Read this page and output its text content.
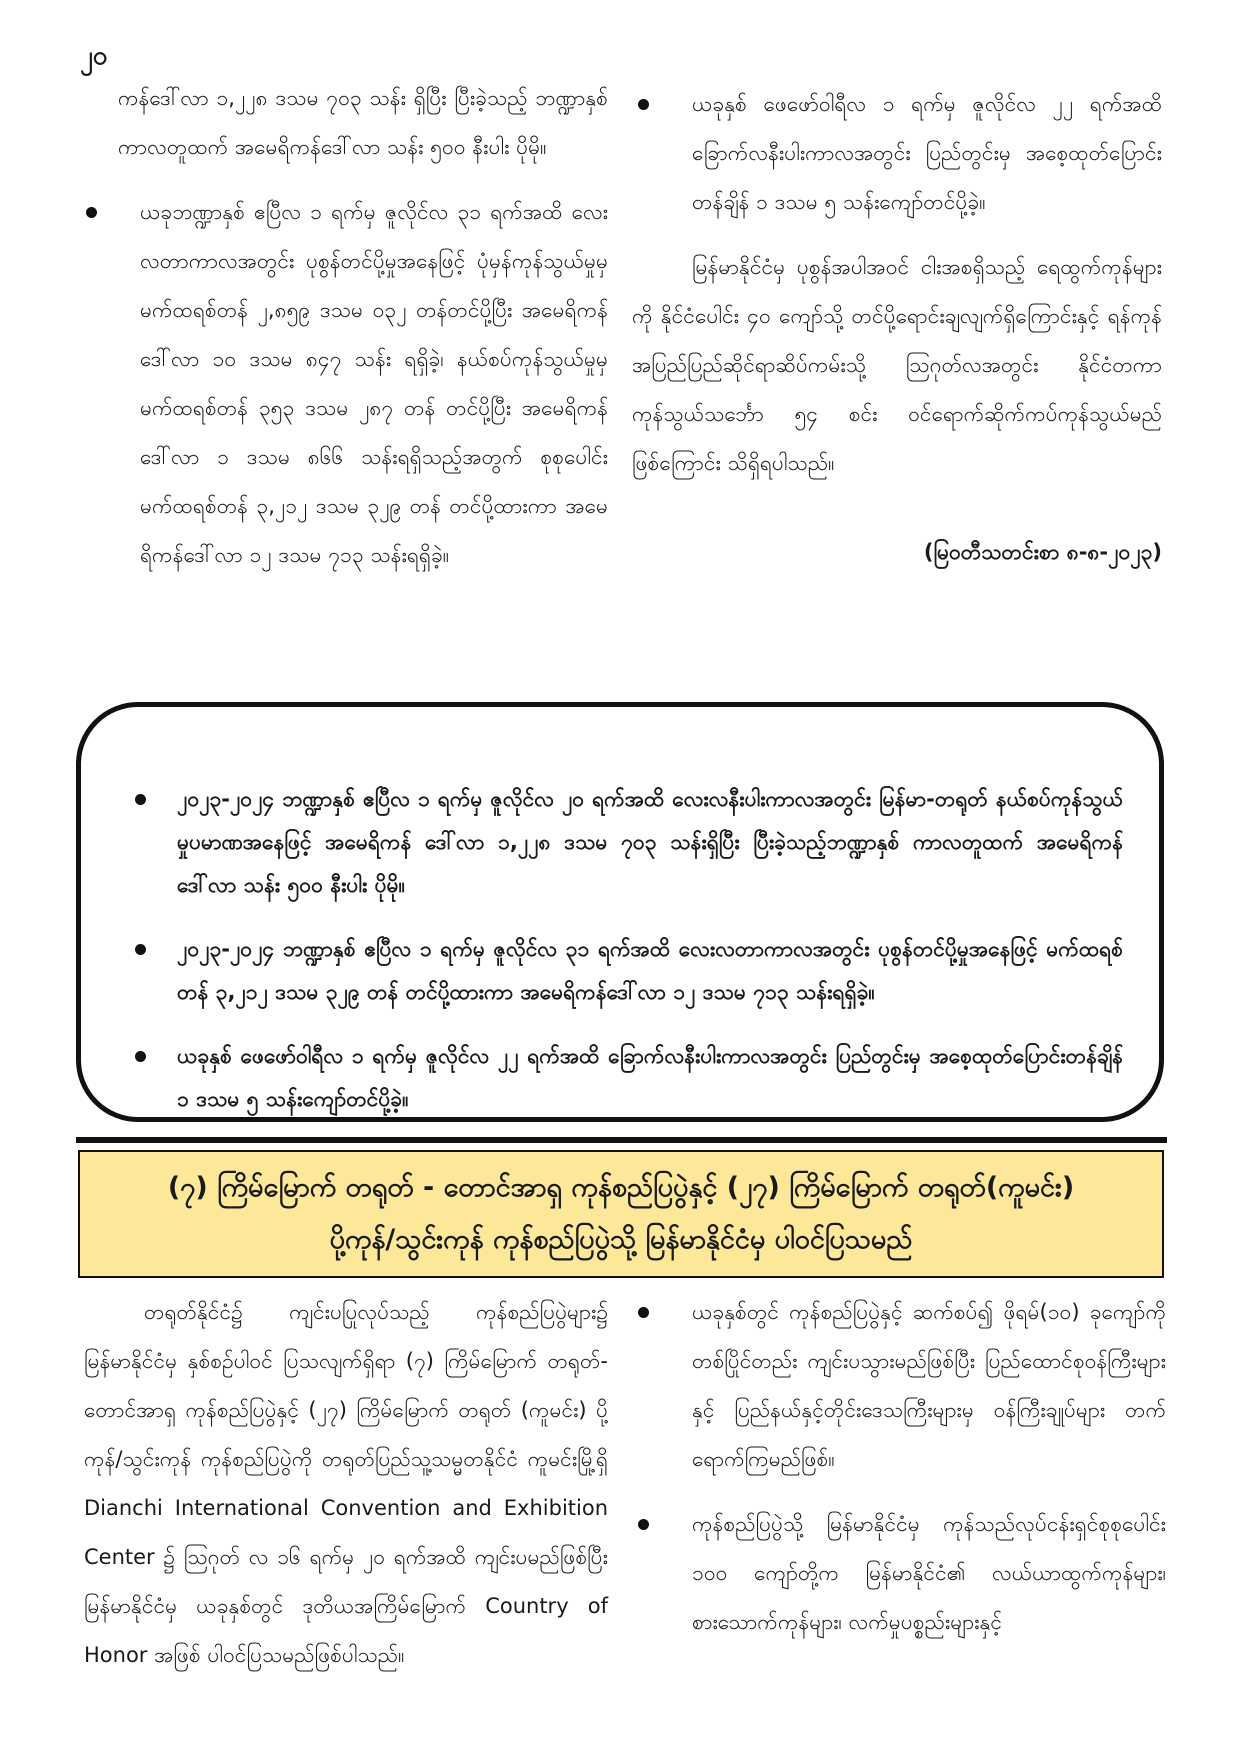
၂၀

ကန်ဒေါ်လာ ၁,၂၂၈ ဒသမ ၇၀၃ သန်း ရှိပြီး ပြီးခဲ့သည့် ဘဏ္ဍာနှစ်ကာလတူထက် အမေရိကန်ဒေါ်လာ သန်း ၅၀၀ နီးပါး ပိုမို။

ယခုဘဏ္ဍာနှစ် ဧပြီလ ၁ ရက်မှ ဇူလိုင်လ ၃၁ ရက်အထိ လေးလတာကာလအတွင်း ပုစွန်တင်ပို့မှုအနေဖြင့် ပုံမှန်ကုန်သွယ်မှုမှ မက်ထရစ်တန် ၂,၈၅၉ ဒသမ ၀၃၂ တန်တင်ပို့ပြီး အမေရိကန်ဒေါ်လာ ၁၀ ဒသမ ၈၄၇ သန်း ရရှိခဲ့၊ နယ်စပ်ကုန်သွယ်မှုမှ မက်ထရစ်တန် ၃၅၃ ဒသမ ၂၈၇ တန် တင်ပို့ပြီး အမေရိကန်ဒေါ်လာ ၁ ဒသမ ၈၆၆ သန်းရရှိသည့်အတွက် စုစုပေါင်း မက်ထရစ်တန် ၃,၂၁၂ ဒသမ ၃၂၉ တန် တင်ပို့ထားကာ အမေရိကန်ဒေါ်လာ ၁၂ ဒသမ ၇၁၃ သန်းရရှိခဲ့။

ယခုနှစ် ဖေဖော်ဝါရီလ ၁ ရက်မှ ဇူလိုင်လ ၂၂ ရက်အထိ ခြောက်လနီးပါးကာလအတွင်း ပြည်တွင်းမှ အစေ့ထုတ်ပြောင်းတန်ချိန် ၁ ဒသမ ၅ သန်းကျော်တင်ပို့ခဲ့။

မြန်မာနိုင်ငံမှ ပုစွန်အပါအဝင် ငါးအစရှိသည့် ရေထွက်ကုန်များကို နိုင်ငံပေါင်း ၄၀ ကျော်သို့ တင်ပို့ရောင်းချလျက်ရှိကြောင်းနှင့် ရန်ကုန်အပြည်ပြည်ဆိုင်ရာဆိပ်ကမ်းသို့ ဩဂုတ်လအတွင်း နိုင်ငံတကာ ကုန်သွယ်သင်္ဘော ၅၄ စင်း ဝင်ရောက်ဆိုက်ကပ်ကုန်သွယ်မည်ဖြစ်ကြောင်း သိရှိရပါသည်။

(မြဝတီသတင်းစာ ၈-၈-၂၀၂၃)

၂၀၂၃-၂၀၂၄ ဘဏ္ဍာနှစ် ဧပြီလ ၁ ရက်မှ ဇူလိုင်လ ၂၀ ရက်အထိ လေးလနီးပါးကာလအတွင်း မြန်မာ-တရုတ် နယ်စပ်ကုန်သွယ်မှုပမာဏအနေဖြင့် အမေရိကန် ဒေါ်လာ ၁,၂၂၈ ဒသမ ၇၀၃ သန်းရှိပြီး ပြီးခဲ့သည့်ဘဏ္ဍာနှစ် ကာလတူထက် အမေရိကန်ဒေါ်လာ သန်း ၅၀၀ နီးပါး ပိုမို။

၂၀၂၃-၂၀၂၄ ဘဏ္ဍာနှစ် ဧပြီလ ၁ ရက်မှ ဇူလိုင်လ ၃၁ ရက်အထိ လေးလတာကာလအတွင်း ပုစွန်တင်ပို့မှုအနေဖြင့် မက်ထရစ်တန် ၃,၂၁၂ ဒသမ ၃၂၉ တန် တင်ပို့ထားကာ အမေရိကန်ဒေါ်လာ ၁၂ ဒသမ ၇၁၃ သန်းရရှိခဲ့။

ယခုနှစ် ဖေဖော်ဝါရီလ ၁ ရက်မှ ဇူလိုင်လ ၂၂ ရက်အထိ ခြောက်လနီးပါးကာလအတွင်း ပြည်တွင်းမှ အစေ့ထုတ်ပြောင်းတန်ချိန် ၁ ဒသမ ၅ သန်းကျော်တင်ပို့ခဲ့။

(၇) ကြိမ်မြောက် တရုတ် - တောင်အာရှ ကုန်စည်ပြပွဲနှင့် (၂၇) ကြိမ်မြောက် တရုတ်(ကူမင်း)
ပို့ကုန်/သွင်းကုန် ကုန်စည်ပြပွဲသို့ မြန်မာနိုင်ငံမှ ပါဝင်ပြသမည်

တရုတ်နိုင်ငံ၌ ကျင်းပပြုလုပ်သည့် ကုန်စည်ပြပွဲများ၌ မြန်မာနိုင်ငံမှ နှစ်စဉ်ပါဝင် ပြသလျက်ရှိရာ (၇) ကြိမ်မြောက် တရုတ်-တောင်အာရှ ကုန်စည်ပြပွဲနှင့် (၂၇) ကြိမ်မြောက် တရုတ် (ကူမင်း) ပို့ကုန်/သွင်းကုန် ကုန်စည်ပြပွဲကို တရုတ်ပြည်သူ့သမ္မတနိုင်ငံ ကူမင်းမြို့ရှိ Dianchi International Convention and Exhibition Center ၌ ဩဂုတ် လ ၁၆ ရက်မှ ၂၀ ရက်အထိ ကျင်းပမည်ဖြစ်ပြီး မြန်မာနိုင်ငံမှ ယခုနှစ်တွင် ဒုတိယအကြိမ်မြောက် Country of Honor အဖြစ် ပါဝင်ပြသမည်ဖြစ်ပါသည်။

ယခုနှစ်တွင် ကုန်စည်ပြပွဲနှင့် ဆက်စပ်၍ ဖိုရမ်(၁၀) ခုကျော်ကို တစ်ပြိုင်တည်း ကျင်းပသွားမည်ဖြစ်ပြီး ပြည်ထောင်စုဝန်ကြီးများနှင့် ပြည်နယ်နှင့်တိုင်းဒေသကြီးများမှ ဝန်ကြီးချုပ်များ တက်ရောက်ကြမည်ဖြစ်။

ကုန်စည်ပြပွဲသို့ မြန်မာနိုင်ငံမှ ကုန်သည်လုပ်ငန်းရှင်စုစုပေါင်း ၁၀၀ ကျော်တို့က မြန်မာနိုင်ငံ၏ လယ်ယာထွက်ကုန်များ၊ စားသောက်ကုန်များ၊ လက်မှုပစ္စည်းများနှင့်
